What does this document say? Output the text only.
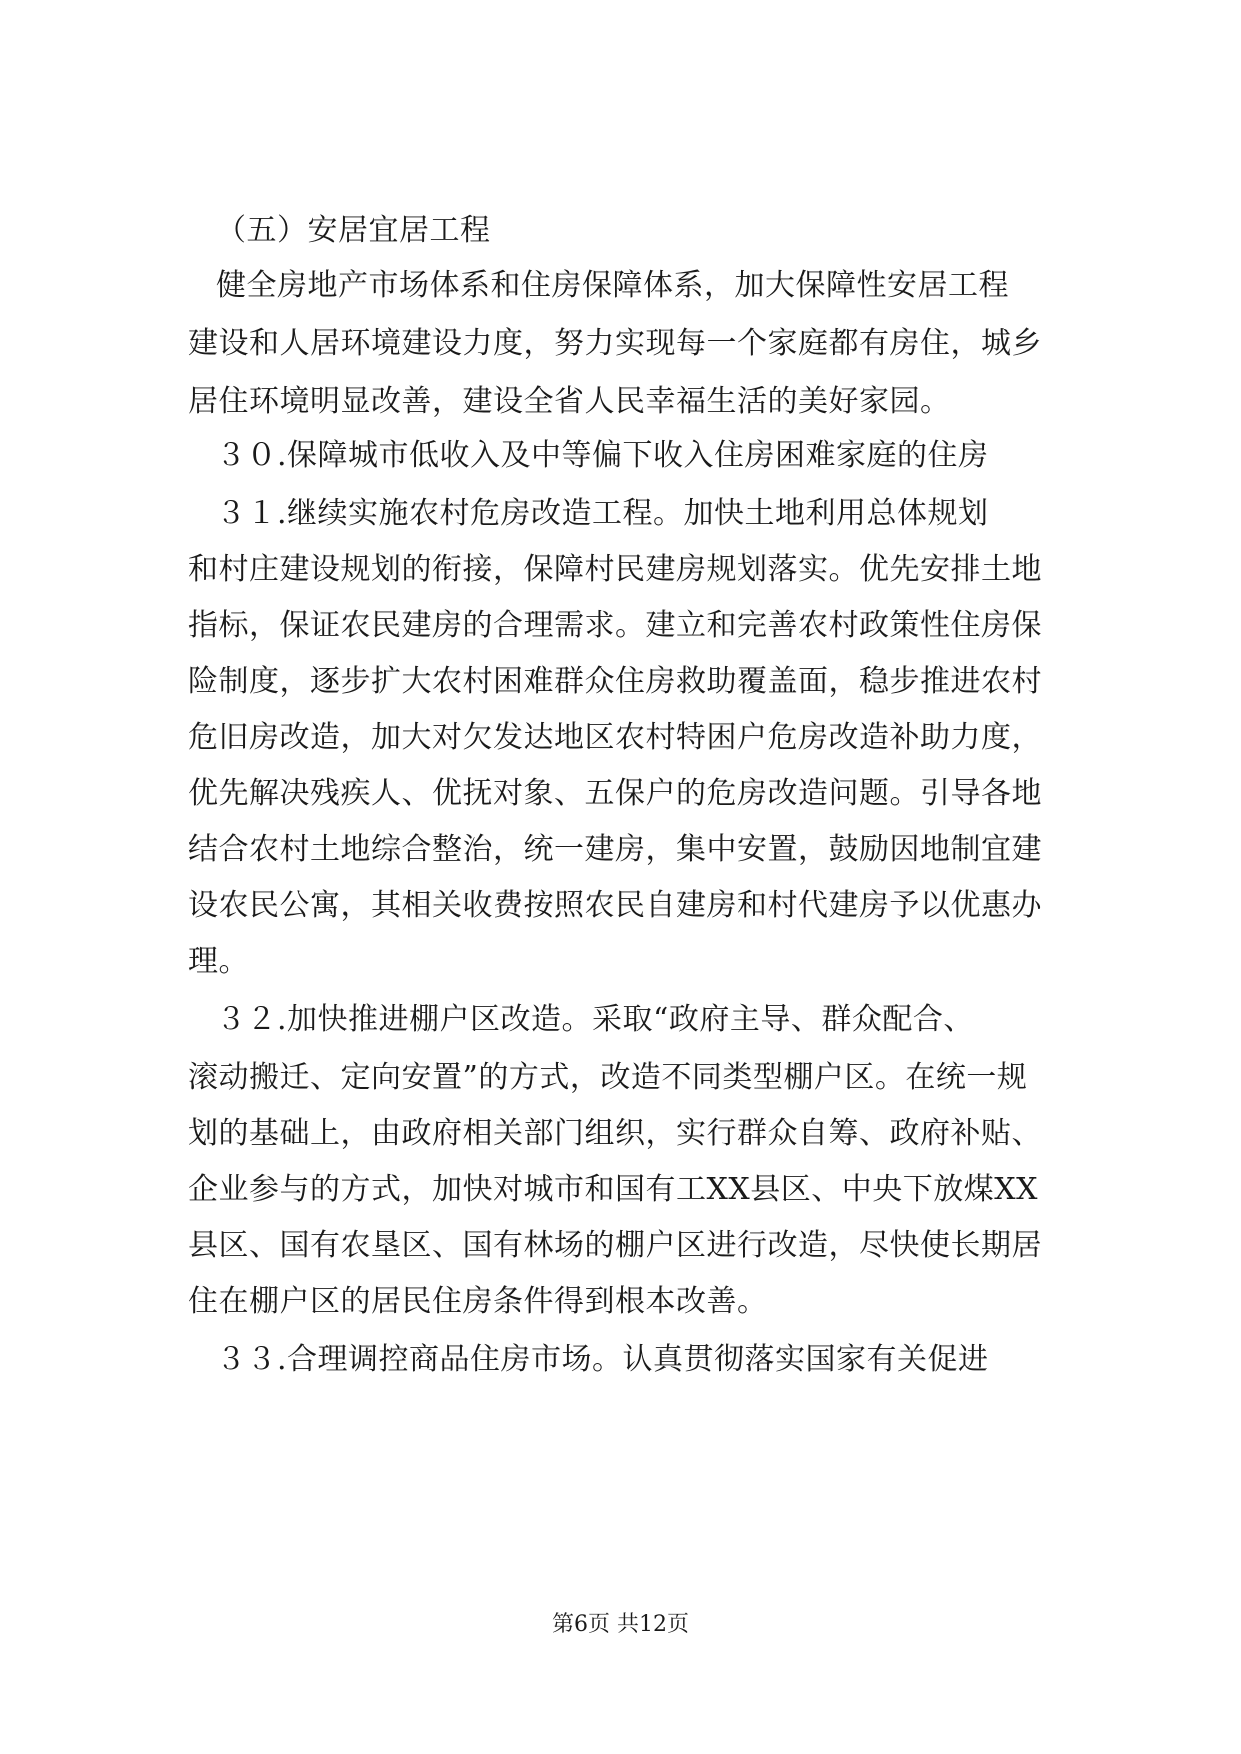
（五）安居宜居工程
健全房地产市场体系和住房保障体系，加大保障性安居工程
建设和人居环境建设力度，努力实现每一个家庭都有房住，城乡
居住环境明显改善，建设全省人民幸福生活的美好家园。
３０.保障城市低收入及中等偏下收入住房困难家庭的住房
３１.继续实施农村危房改造工程。加快土地利用总体规划
和村庄建设规划的衔接，保障村民建房规划落实。优先安排土地
指标，保证农民建房的合理需求。建立和完善农村政策性住房保
险制度，逐步扩大农村困难群众住房救助覆盖面，稳步推进农村
危旧房改造，加大对欠发达地区农村特困户危房改造补助力度，
优先解决残疾人、优抚对象、五保户的危房改造问题。引导各地
结合农村土地综合整治，统一建房，集中安置，鼓励因地制宜建
设农民公寓，其相关收费按照农民自建房和村代建房予以优惠办
理。
３２.加快推进棚户区改造。采取“政府主导、群众配合、
滚动搬迁、定向安置”的方式，改造不同类型棚户区。在统一规
划的基础上，由政府相关部门组织，实行群众自筹、政府补贴、
企业参与的方式，加快对城市和国有工XX县区、中央下放煤XX
县区、国有农垦区、国有林场的棚户区进行改造，尽快使长期居
住在棚户区的居民住房条件得到根本改善。
３３.合理调控商品住房市场。认真贯彻落实国家有关促进
第6页 共12页
